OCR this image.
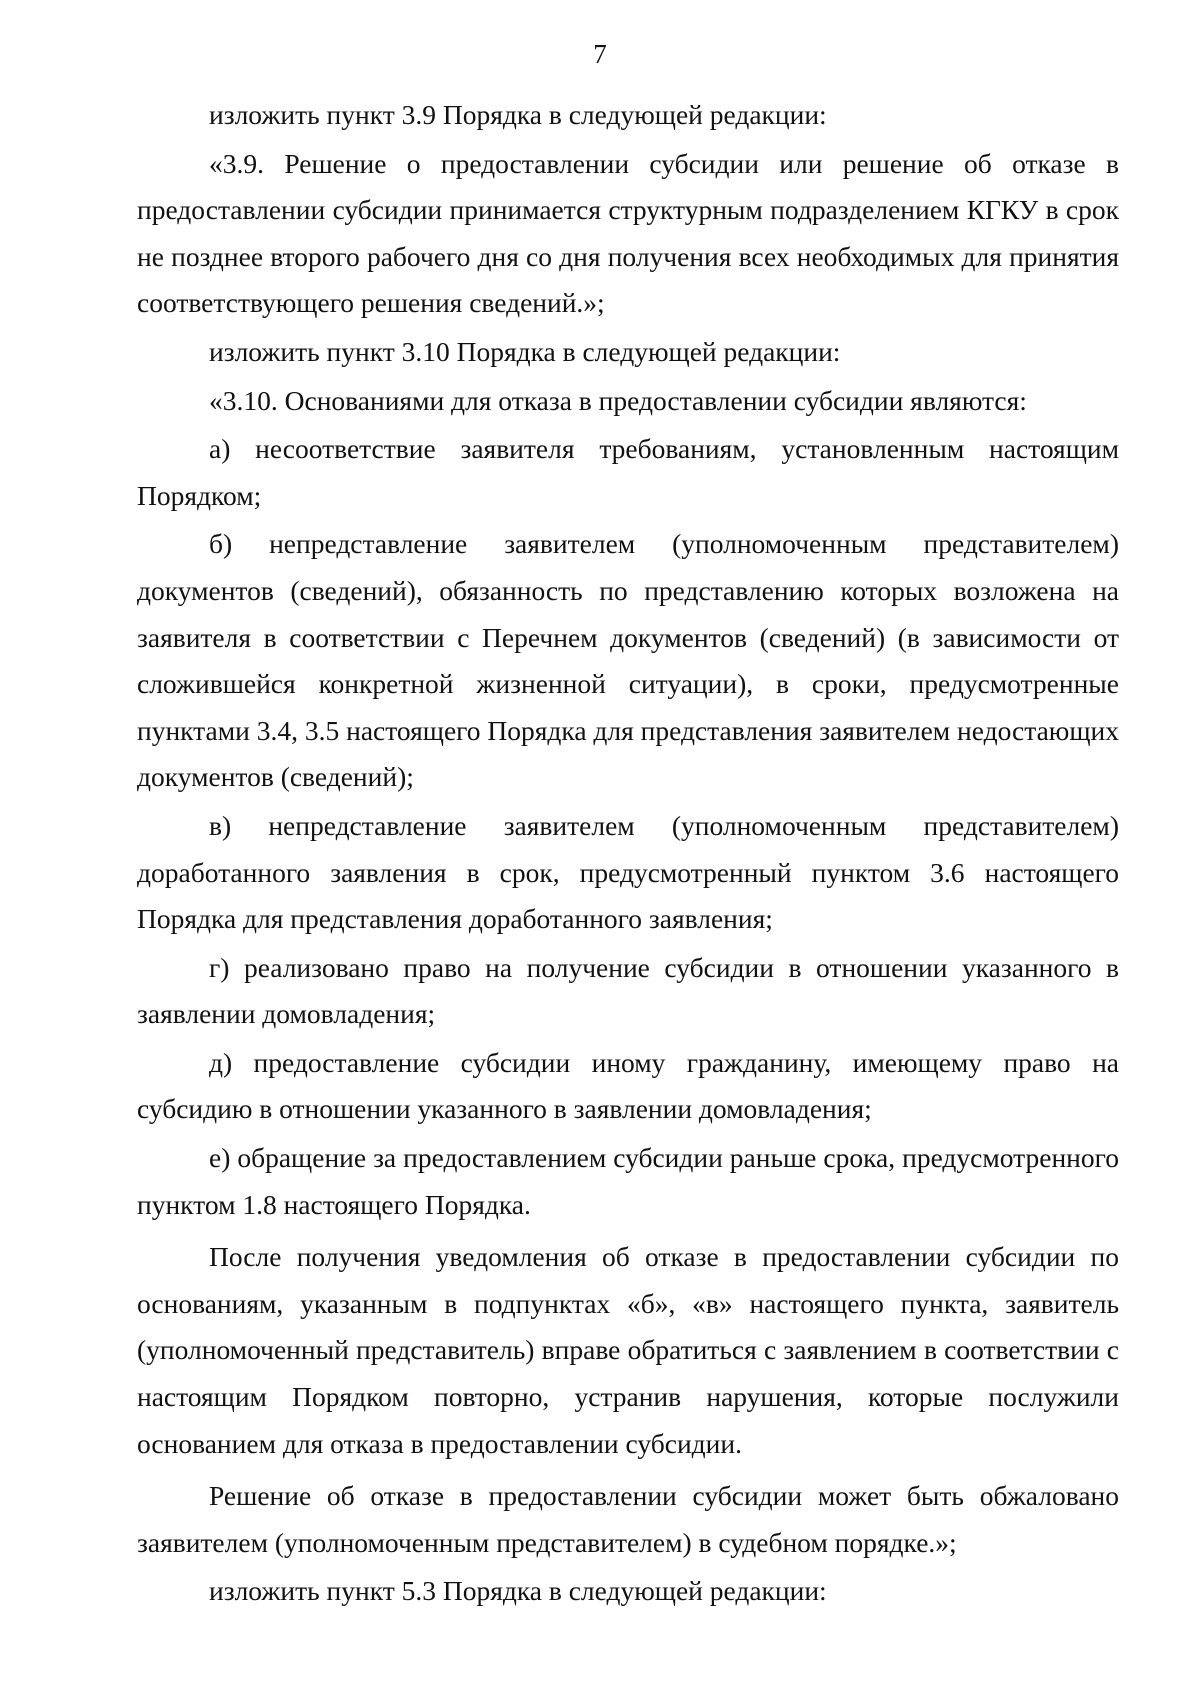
7

изложить пункт 3.9 Порядка в следующей редакции:

«3.9. Решение о предоставлении субсидии или решение об отказе в предоставлении субсидии принимается структурным подразделением КГКУ в срок не позднее второго рабочего дня со дня получения всех необходимых для принятия соответствующего решения сведений.»;

изложить пункт 3.10 Порядка в следующей редакции:

«3.10. Основаниями для отказа в предоставлении субсидии являются:

а) несоответствие заявителя требованиям, установленным настоящим Порядком;

б) непредставление заявителем (уполномоченным представителем) документов (сведений), обязанность по представлению которых возложена на заявителя в соответствии с Перечнем документов (сведений) (в зависимости от сложившейся конкретной жизненной ситуации), в сроки, предусмотренные пунктами 3.4, 3.5 настоящего Порядка для представления заявителем недостающих документов (сведений);

в) непредставление заявителем (уполномоченным представителем) доработанного заявления в срок, предусмотренный пунктом 3.6 настоящего Порядка для представления доработанного заявления;

г) реализовано право на получение субсидии в отношении указанного в заявлении домовладения;

д) предоставление субсидии иному гражданину, имеющему право на субсидию в отношении указанного в заявлении домовладения;

е) обращение за предоставлением субсидии раньше срока, предусмотренного пунктом 1.8 настоящего Порядка.

После получения уведомления об отказе в предоставлении субсидии по основаниям, указанным в подпунктах «б», «в» настоящего пункта, заявитель (уполномоченный представитель) вправе обратиться с заявлением в соответствии с настоящим Порядком повторно, устранив нарушения, которые послужили основанием для отказа в предоставлении субсидии.

Решение об отказе в предоставлении субсидии может быть обжаловано заявителем (уполномоченным представителем) в судебном порядке.»;

изложить пункт 5.3 Порядка в следующей редакции:
